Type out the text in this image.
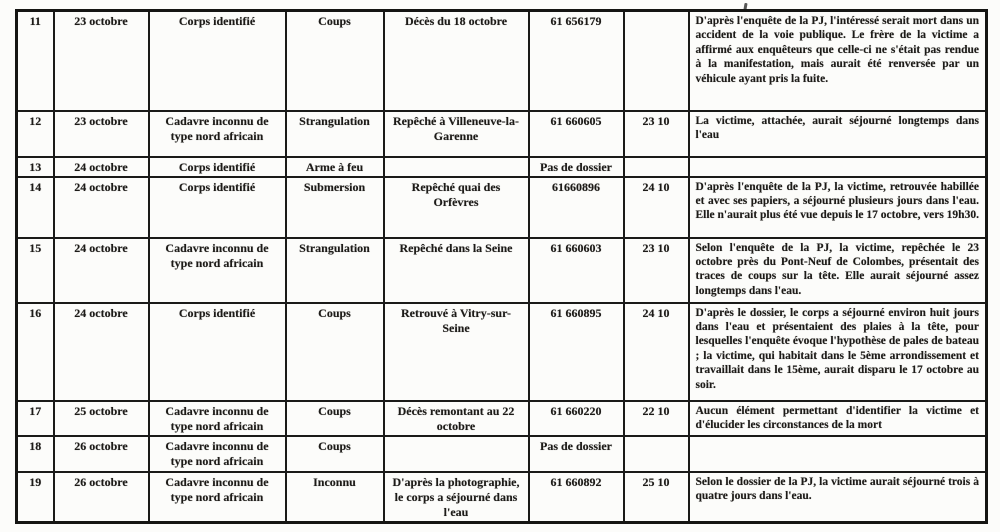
11	23 octobre	Corps identifié	Coups	Décès du 18 octobre	61 656179		D'après l'enquête de la PJ, l'intéressé serait mort dans un accident de la voie publique. Le frère de la victime a affirmé aux enquêteurs que celle-ci ne s'était pas rendue à la manifestation, mais aurait été renversée par un véhicule ayant pris la fuite.
12	23 octobre	Cadavre inconnu de type nord africain	Strangulation	Repêché à Villeneuve-la-Garenne	61 660605	23 10	La victime, attachée, aurait séjourné longtemps dans l'eau
13	24 octobre	Corps identifié	Arme à feu		Pas de dossier		
14	24 octobre	Corps identifié	Submersion	Repêché quai des Orfèvres	61660896	24 10	D'après l'enquête de la PJ, la victime, retrouvée habillée et avec ses papiers, a séjourné plusieurs jours dans l'eau. Elle n'aurait plus été vue depuis le 17 octobre, vers 19h30.
15	24 octobre	Cadavre inconnu de type nord africain	Strangulation	Repêché dans la Seine	61 660603	23 10	Selon l'enquête de la PJ, la victime, repêchée le 23 octobre près du Pont-Neuf de Colombes, présentait des traces de coups sur la tête. Elle aurait séjourné assez longtemps dans l'eau.
16	24 octobre	Corps identifié	Coups	Retrouvé à Vitry-sur-Seine	61 660895	24 10	D'après le dossier, le corps a séjourné environ huit jours dans l'eau et présentaient des plaies à la tête, pour lesquelles l'enquête évoque l'hypothèse de pales de bateau ; la victime, qui habitait dans le 5ème arrondissement et travaillait dans le 15ème, aurait disparu le 17 octobre au soir.
17	25 octobre	Cadavre inconnu de type nord africain	Coups	Décès remontant au 22 octobre	61 660220	22 10	Aucun élément permettant d'identifier la victime et d'élucider les circonstances de la mort
18	26 octobre	Cadavre inconnu de type nord africain	Coups		Pas de dossier		
19	26 octobre	Cadavre inconnu de type nord africain	Inconnu	D'après la photographie, le corps a séjourné dans l'eau	61 660892	25 10	Selon le dossier de la PJ, la victime aurait séjourné trois à quatre jours dans l'eau.
